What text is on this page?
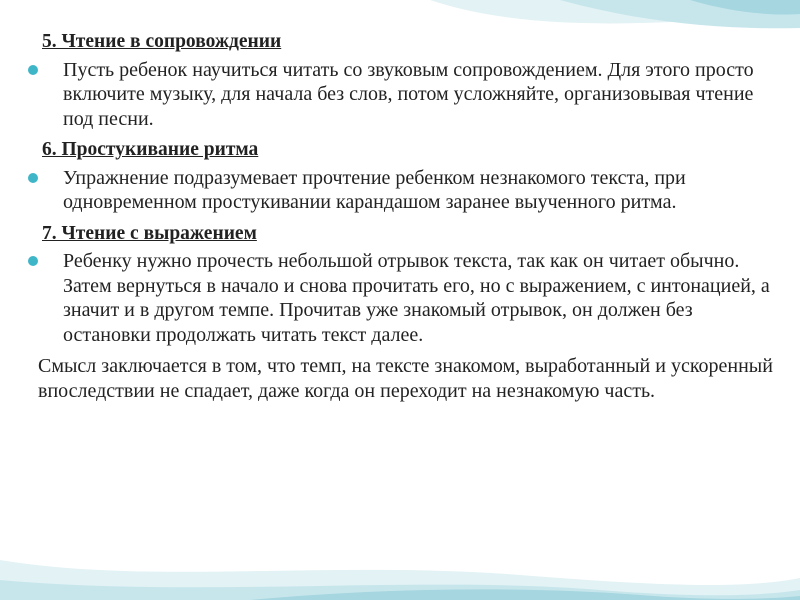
5. Чтение в сопровождении
Пусть ребенок научиться читать со звуковым сопровождением. Для этого просто включите музыку, для начала без слов, потом усложняйте, организовывая чтение под песни.
6. Простукивание ритма
Упражнение подразумевает прочтение ребенком незнакомого текста, при одновременном простукивании карандашом заранее выученного ритма.
7. Чтение с выражением
Ребенку нужно прочесть небольшой отрывок текста, так как он читает обычно. Затем вернуться в начало и снова прочитать его, но с выражением, с интонацией, а значит и в другом темпе. Прочитав уже знакомый отрывок, он должен без остановки продолжать читать текст далее.
Смысл заключается в том, что темп, на тексте знакомом, выработанный и ускоренный впоследствии не спадает, даже когда он переходит на незнакомую часть.
